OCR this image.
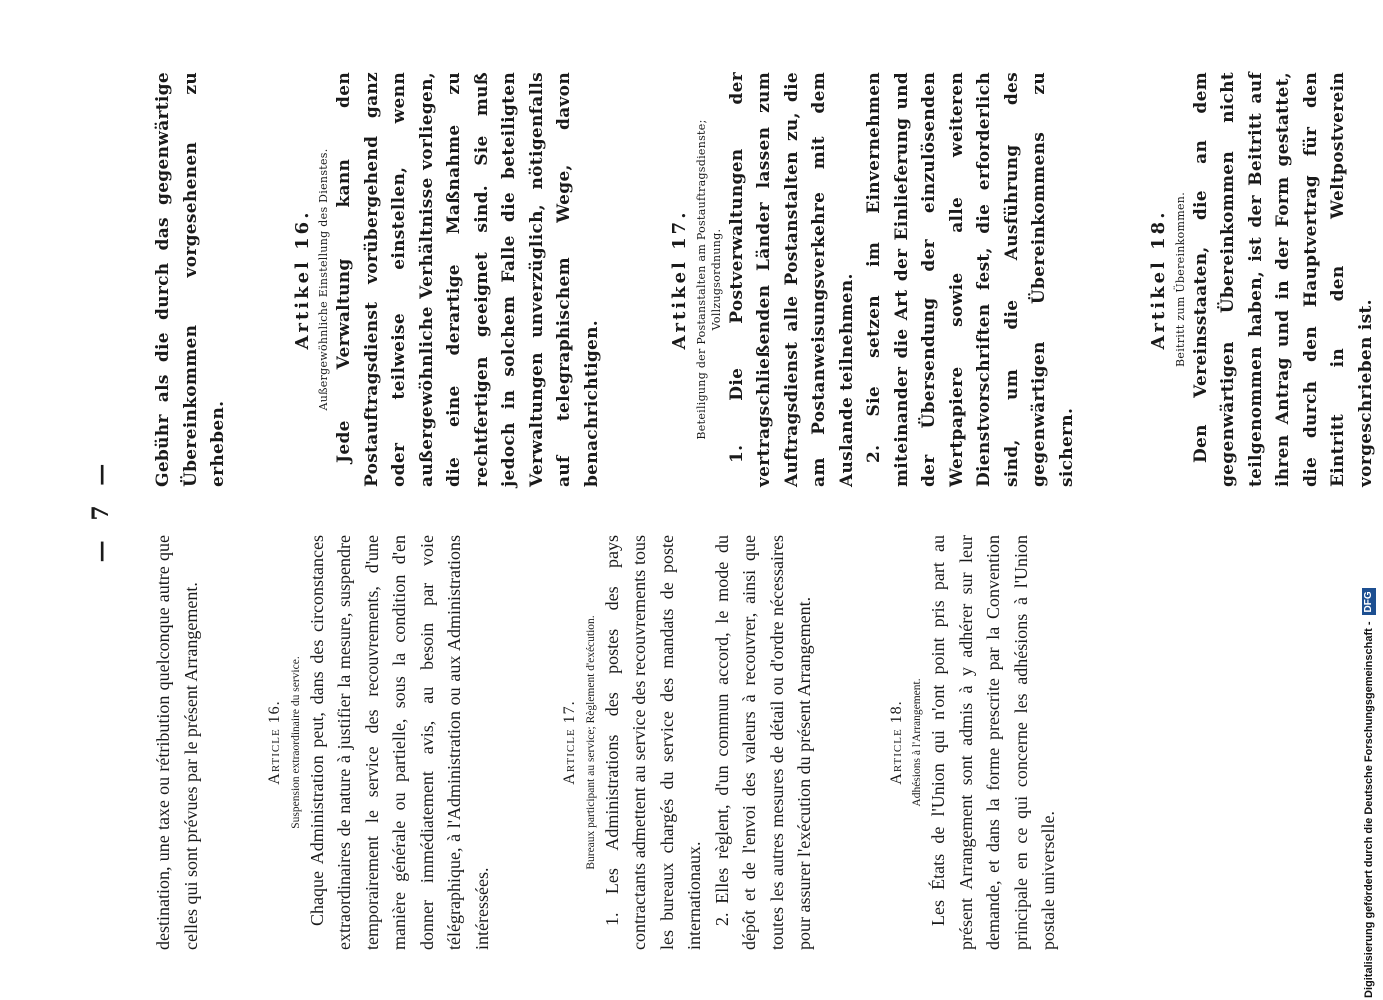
— 7 —

destination, une taxe ou rétribution quelconque autre que celles qui sont prévues par le présent Arrangement.	Article 16. Suspension extraordinaire du service. Chaque Administration peut, dans des circonstances extraordinaires de nature à justifier la mesure, suspendre temporairement le service des recouvrements, d'une manière générale ou partielle, sous la condition d'en donner immédiatement avis, au besoin par voie télégraphique, à l'Administration ou aux Administrations intéressées.

Article 17. Bureaux participant au service; Règlement d'exécution. 1. Les Administrations des postes des pays contractants admettent au service des recouvrements tous les bureaux chargés du service des mandats de poste internationaux. 2. Elles règlent, d'un commun accord, le mode du dépôt et de l'envoi des valeurs à recouvrer, ainsi que toutes les autres mesures de détail ou d'ordre nécessaires pour assurer l'exécution du présent Arrangement.	Article 18. Adhésions à l'Arrangement. Les États de l'Union qui n'ont point pris part au présent Arrangement sont admis à y adhérer sur leur demande, et dans la forme prescrite par la Convention principale en ce qui concerne les adhésions à l'Union postale universelle.

Gebühr als die durch das gegenwärtige Übereinkommen vorgesehenen zu erheben.

Artikel 16. Außergewöhnliche Einstellung des Dienstes. Jede Verwaltung kann den Postauftragsdienst vorübergehend ganz oder teilweise einstellen, wenn außergewöhnliche Verhältnisse vorliegen, die eine derartige Maßnahme zu rechtfertigen geeignet sind. Sie muß jedoch in solchem Falle die beteiligten Verwaltungen unverzüglich, nötigenfalls auf telegraphischem Wege, davon benachrichtigen.

Artikel 17. Beteiligung der Postanstalten am Postauftragsdienste; Vollzugsordnung. 1. Die Postverwaltungen der vertragschließenden Länder lassen zum Auftragsdienst alle Postanstalten zu, die am Postanweisungsverkehre mit dem Auslande teilnehmen. 2. Sie setzen im Einvernehmen miteinander die Art der Einlieferung und der Übersendung der einzulösenden Wertpapiere sowie alle weiteren Dienstvorschriften fest, die erforderlich sind, um die Ausführung des gegenwärtigen Übereinkommens zu sichern.

Artikel 18. Beitritt zum Übereinkommen. Den Vereinsstaaten, die an dem gegenwärtigen Übereinkommen nicht teilgenommen haben, ist der Beitritt auf ihren Antrag und in der Form gestattet, die durch den Hauptvertrag für den Eintritt in den Weltpostverein vorgeschrieben ist.

Digitalisierung gefördert durch die Deutsche Forschungsgemeinschaft -DFG
